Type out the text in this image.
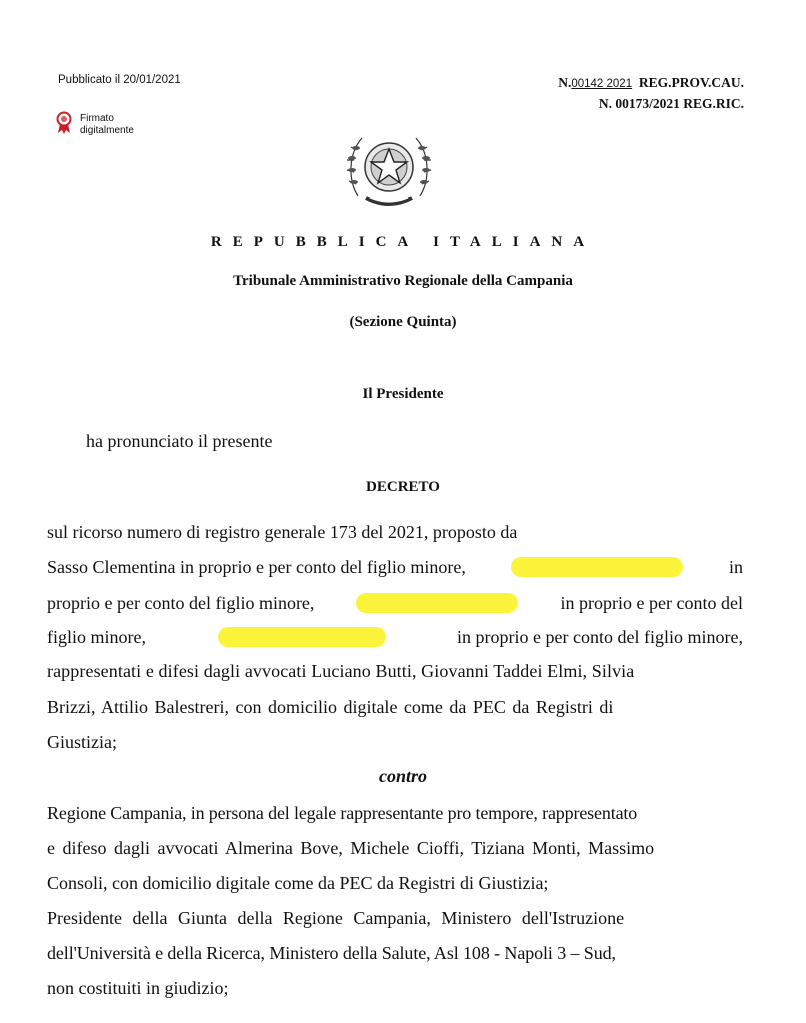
Pubblicato il 20/01/2021	N.00142 2021 REG.PROV.CAU.
N. 00173/2021 REG.RIC.
Firmato
digitalmente
REPUBBLICA ITALIANA
Tribunale Amministrativo Regionale della Campania
(Sezione Quinta)
Il Presidente
ha pronunciato il presente
DECRETO
sul ricorso numero di registro generale 173 del 2021, proposto da
Sasso Clementina in proprio e per conto del figlio minore,	in
proprio e per conto del figlio minore,	in proprio e per conto del
figlio minore,	in proprio e per conto del figlio minore,
rappresentati e difesi dagli avvocati Luciano Butti, Giovanni Taddei Elmi, Silvia
Brizzi, Attilio Balestreri, con domicilio digitale come da PEC da Registri di
Giustizia;
contro
Regione Campania, in persona del legale rappresentante pro tempore, rappresentato
e difeso dagli avvocati Almerina Bove, Michele Cioffi, Tiziana Monti, Massimo
Consoli, con domicilio digitale come da PEC da Registri di Giustizia;
Presidente della Giunta della Regione Campania, Ministero dell'Istruzione
dell'Università e della Ricerca, Ministero della Salute, Asl 108 - Napoli 3 – Sud,
non costituiti in giudizio;
